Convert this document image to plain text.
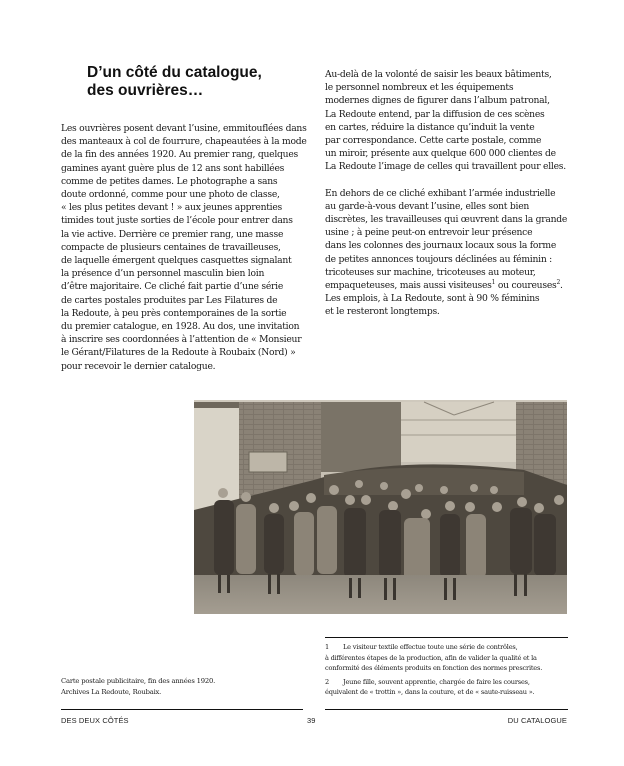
D’un côté du catalogue,
des ouvrières…

Les ouvrières posent devant l’usine, emmitouflées dans
des manteaux à col de fourrure, chapeautées à la mode
de la fin des années 1920. Au premier rang, quelques
gamines ayant guère plus de 12 ans sont habillées
comme de petites dames. Le photographe a sans
doute ordonné, comme pour une photo de classe,
« les plus petites devant ! » aux jeunes apprenties
timides tout juste sorties de l’école pour entrer dans
la vie active. Derrière ce premier rang, une masse
compacte de plusieurs centaines de travailleuses,
de laquelle émergent quelques casquettes signalant
la présence d’un personnel masculin bien loin
d’être majoritaire. Ce cliché fait partie d’une série
de cartes postales produites par Les Filatures de
la Redoute, à peu près contemporaines de la sortie
du premier catalogue, en 1928. Au dos, une invitation
à inscrire ses coordonnées à l’attention de « Monsieur
le Gérant/Filatures de la Redoute à Roubaix (Nord) »
pour recevoir le dernier catalogue.

Au-delà de la volonté de saisir les beaux bâtiments,
le personnel nombreux et les équipements
modernes dignes de figurer dans l’album patronal,
La Redoute entend, par la diffusion de ces scènes
en cartes, réduire la distance qu’induit la vente
par correspondance. Cette carte postale, comme
un miroir, présente aux quelque 600 000 clientes de
La Redoute l’image de celles qui travaillent pour elles.

En dehors de ce cliché exhibant l’armée industrielle
au garde-à-vous devant l’usine, elles sont bien
discrètes, les travailleuses qui œuvrent dans la grande
usine ; à peine peut-on entrevoir leur présence
dans les colonnes des journaux locaux sous la forme
de petites annonces toujours déclinées au féminin :
tricoteuses sur machine, tricoteuses au moteur,
empaqueteuses, mais aussi visiteuses$^1$ ou coureuses$^2$.
Les emplois, à La Redoute, sont à 90 % féminins
et le resteront longtemps.

1 Le visiteur textile effectue toute une série de contrôles,
à différentes étapes de la production, afin de valider la qualité et la
conformité des éléments produits en fonction des normes prescrites.
2 Jeune fille, souvent apprentie, chargée de faire les courses,
équivalent de « trottin », dans la couture, et de « saute-ruisseau ».
Carte postale publicitaire, fin des années 1920.
Archives La Redoute, Roubaix.
DES DEUX CÔTÉS	39	DU CATALOGUE
